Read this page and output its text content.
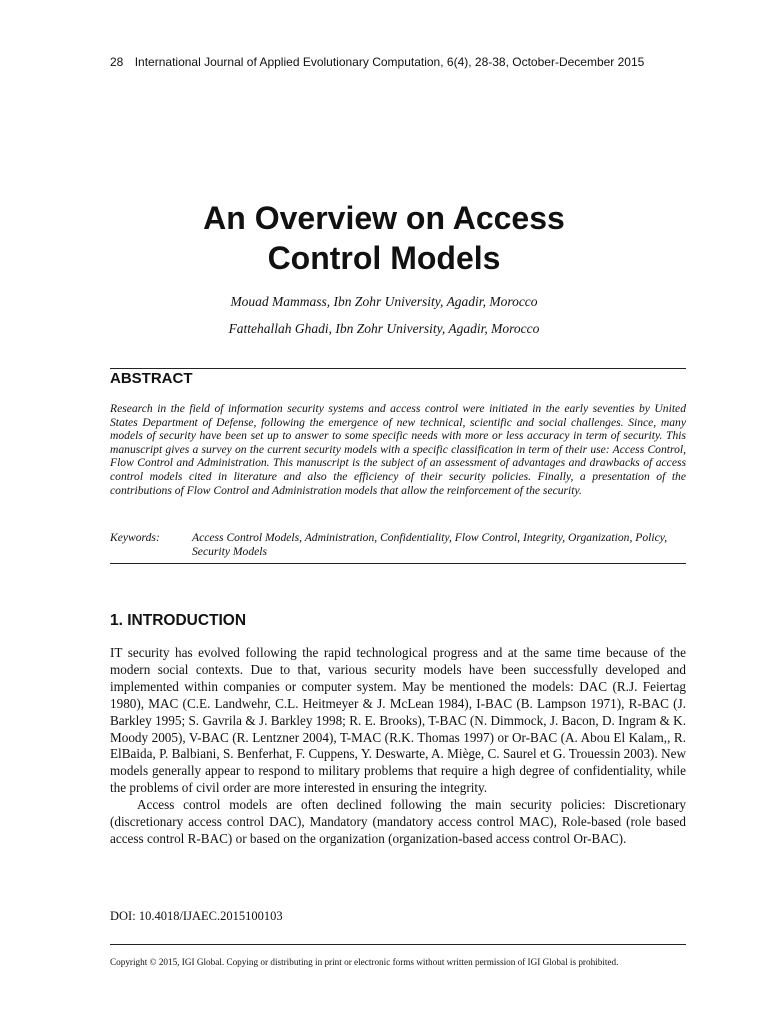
28 International Journal of Applied Evolutionary Computation, 6(4), 28-38, October-December 2015
An Overview on Access
Control Models
Mouad Mammass, Ibn Zohr University, Agadir, Morocco
Fattehallah Ghadi, Ibn Zohr University, Agadir, Morocco
ABSTRACT
Research in the field of information security systems and access control were initiated in the early seventies by United States Department of Defense, following the emergence of new technical, scientific and social challenges. Since, many models of security have been set up to answer to some specific needs with more or less accuracy in term of security. This manuscript gives a survey on the current security models with a specific classification in term of their use: Access Control, Flow Control and Administration. This manuscript is the subject of an assessment of advantages and drawbacks of access control models cited in literature and also the efficiency of their security policies. Finally, a presentation of the contributions of Flow Control and Administration models that allow the reinforcement of the security.
Keywords:	Access Control Models, Administration, Confidentiality, Flow Control, Integrity, Organization, Policy, Security Models
1. INTRODUCTION

IT security has evolved following the rapid technological progress and at the same time because of the modern social contexts. Due to that, various security models have been successfully developed and implemented within companies or computer system. May be mentioned the models: DAC (R.J. Feiertag 1980), MAC (C.E. Landwehr, C.L. Heitmeyer & J. McLean 1984), I-BAC (B. Lampson 1971), R-BAC (J. Barkley 1995; S. Gavrila & J. Barkley 1998; R. E. Brooks), T-BAC (N. Dimmock, J. Bacon, D. Ingram & K. Moody 2005), V-BAC (R. Lentzner 2004), T-MAC (R.K. Thomas 1997) or Or-BAC (A. Abou El Kalam,, R. ElBaida, P. Balbiani, S. Benferhat, F. Cuppens, Y. Deswarte, A. Miège, C. Saurel et G. Trouessin 2003). New models generally appear to respond to military problems that require a high degree of confidentiality, while the problems of civil order are more interested in ensuring the integrity.

Access control models are often declined following the main security policies: Discretionary (discretionary access control DAC), Mandatory (mandatory access control MAC), Role-based (role based access control R-BAC) or based on the organization (organization-based access control Or-BAC).

DOI: 10.4018/IJAEC.2015100103
Copyright © 2015, IGI Global. Copying or distributing in print or electronic forms without written permission of IGI Global is prohibited.
